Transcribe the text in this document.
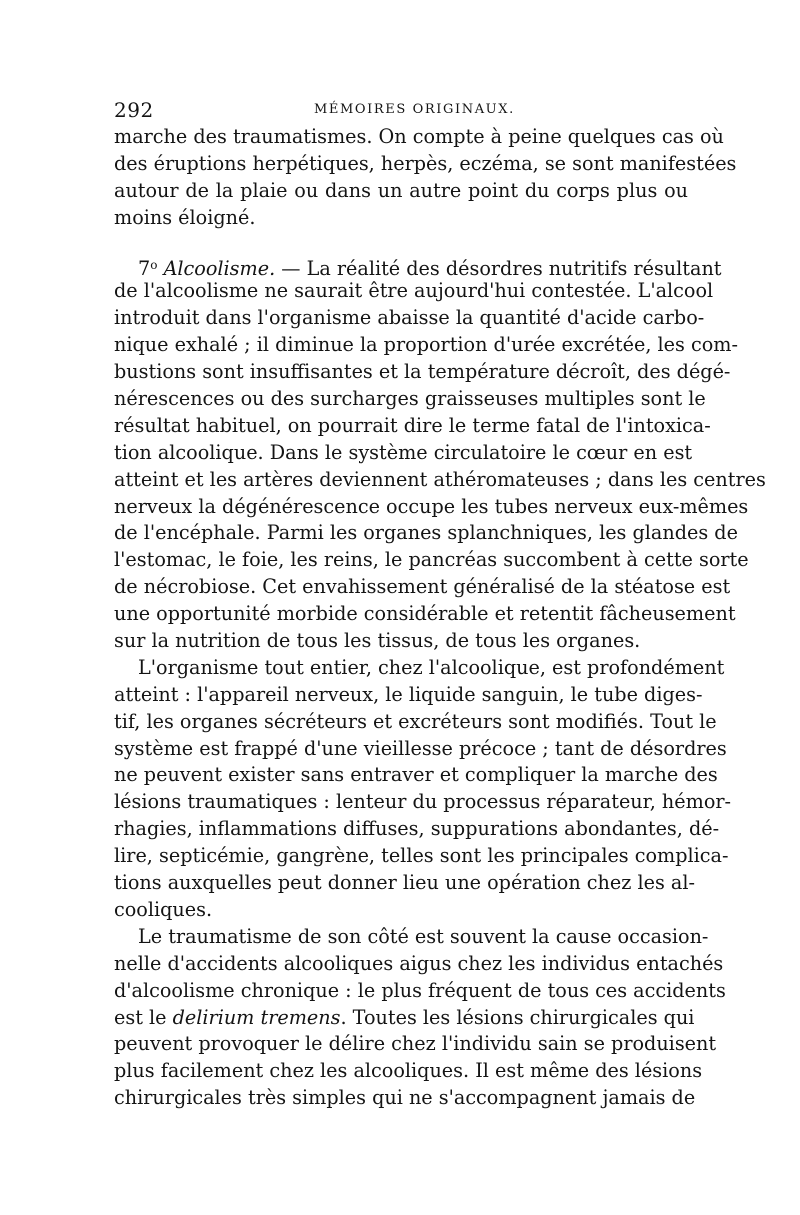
292	MÉMOIRES ORIGINAUX.
marche des traumatismes. On compte à peine quelques cas où
des éruptions herpétiques, herpès, eczéma, se sont manifestées
autour de la plaie ou dans un autre point du corps plus ou
moins éloigné.
7$^o$ Alcoolisme. — La réalité des désordres nutritifs résultant
de l'alcoolisme ne saurait être aujourd'hui contestée. L'alcool
introduit dans l'organisme abaisse la quantité d'acide carbo-
nique exhalé ; il diminue la proportion d'urée excrétée, les com-
bustions sont insuffisantes et la température décroît, des dégé-
nérescences ou des surcharges graisseuses multiples sont le
résultat habituel, on pourrait dire le terme fatal de l'intoxica-
tion alcoolique. Dans le système circulatoire le cœur en est
atteint et les artères deviennent athéromateuses ; dans les centres
nerveux la dégénérescence occupe les tubes nerveux eux-mêmes
de l'encéphale. Parmi les organes splanchniques, les glandes de
l'estomac, le foie, les reins, le pancréas succombent à cette sorte
de nécrobiose. Cet envahissement généralisé de la stéatose est
une opportunité morbide considérable et retentit fâcheusement
sur la nutrition de tous les tissus, de tous les organes.
L'organisme tout entier, chez l'alcoolique, est profondément
atteint : l'appareil nerveux, le liquide sanguin, le tube diges-
tif, les organes sécréteurs et excréteurs sont modifiés. Tout le
système est frappé d'une vieillesse précoce ; tant de désordres
ne peuvent exister sans entraver et compliquer la marche des
lésions traumatiques : lenteur du processus réparateur, hémor-
rhagies, inflammations diffuses, suppurations abondantes, dé-
lire, septicémie, gangrène, telles sont les principales complica-
tions auxquelles peut donner lieu une opération chez les al-
cooliques.
Le traumatisme de son côté est souvent la cause occasion-
nelle d'accidents alcooliques aigus chez les individus entachés
d'alcoolisme chronique : le plus fréquent de tous ces accidents
est le delirium tremens. Toutes les lésions chirurgicales qui
peuvent provoquer le délire chez l'individu sain se produisent
plus facilement chez les alcooliques. Il est même des lésions
chirurgicales très simples qui ne s'accompagnent jamais de
